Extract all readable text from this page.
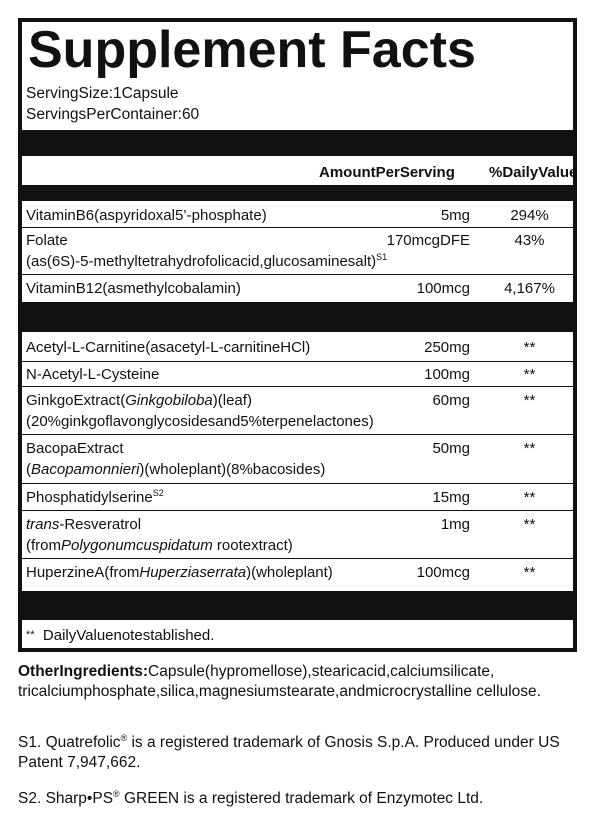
Supplement Facts
ServingSize:1Capsule
ServingsPerContainer:60
AmountPerServing %DailyValue
VitaminB6(aspyridoxal5’-phosphate)	5mg	294%
Folate
(as(6S)-5-methyltetrahydrofolicacid,glucosaminesalt)$^{S1}$
170mcgDFE	43%
VitaminB12(asmethylcobalamin)	100mcg	4,167%
Acetyl-L-Carnitine(asacetyl-L-carnitineHCl)	250mg	**
N-Acetyl-L-Cysteine	100mg	**
GinkgoExtract(Ginkgobiloba)(leaf)
(20%ginkgoflavonglycosidesand5%terpenelactones)
60mg	**
BacopaExtract
(Bacopamonnieri)(wholeplant)(8%bacosides)
50mg	**
Phosphatidylserine$^{S2}$	15mg	**
trans-Resveratrol
(fromPolygonumcuspidatum rootextract)
1mg	**
HuperzineA(fromHuperziaserrata)(wholeplant)	100mcg	**
** DailyValuenotestablished.
OtherIngredients:Capsule(hypromellose),stearicacid,calciumsilicate, tricalciumphosphate,silica,magnesiumstearate,andmicrocrystalline cellulose.
S1. Quatrefolic® is a registered trademark of Gnosis S.p.A. Produced under US Patent 7,947,662.
S2. Sharp•PS® GREEN is a registered trademark of Enzymotec Ltd.
